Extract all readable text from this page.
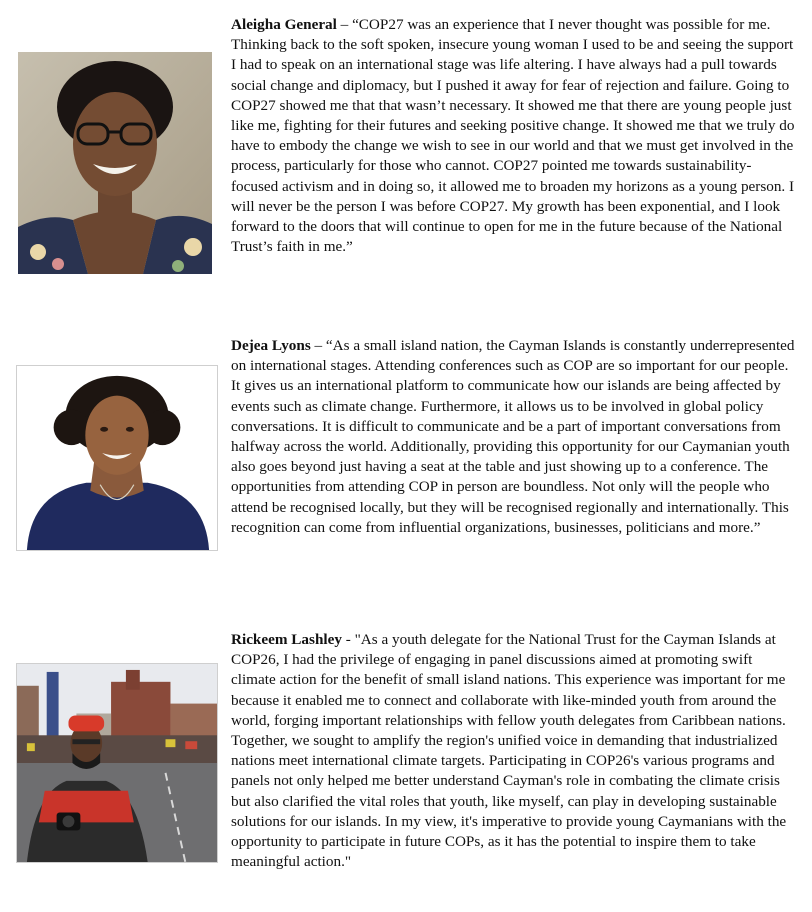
Aleigha General – “COP27 was an experience that I never thought was possible for me. Thinking back to the soft spoken, insecure young woman I used to be and seeing the support I had to speak on an international stage was life altering. I have always had a pull towards social change and diplomacy, but I pushed it away for fear of rejection and failure. Going to COP27 showed me that that wasn’t necessary. It showed me that there are young people just like me, fighting for their futures and seeking positive change. It showed me that we truly do have to embody the change we wish to see in our world and that we must get involved in the process, particularly for those who cannot. COP27 pointed me towards sustainability-focused activism and in doing so, it allowed me to broaden my horizons as a young person. I will never be the person I was before COP27. My growth has been exponential, and I look forward to the doors that will continue to open for me in the future because of the National Trust’s faith in me.”

Dejea Lyons – “As a small island nation, the Cayman Islands is constantly underrepresented on international stages. Attending conferences such as COP are so important for our people. It gives us an international platform to communicate how our islands are being affected by events such as climate change. Furthermore, it allows us to be involved in global policy conversations. It is difficult to communicate and be a part of important conversations from halfway across the world. Additionally, providing this opportunity for our Caymanian youth also goes beyond just having a seat at the table and just showing up to a conference. The opportunities from attending COP in person are boundless. Not only will the people who attend be recognised locally, but they will be recognised regionally and internationally. This recognition can come from influential organizations, businesses, politicians and more.”

Rickeem Lashley - "As a youth delegate for the National Trust for the Cayman Islands at COP26, I had the privilege of engaging in panel discussions aimed at promoting swift climate action for the benefit of small island nations. This experience was important for me because it enabled me to connect and collaborate with like-minded youth from around the world, forging important relationships with fellow youth delegates from Caribbean nations. Together, we sought to amplify the region's unified voice in demanding that industrialized nations meet international climate targets. Participating in COP26's various programs and panels not only helped me better understand Cayman's role in combating the climate crisis but also clarified the vital roles that youth, like myself, can play in developing sustainable solutions for our islands. In my view, it's imperative to provide young Caymanians with the opportunity to participate in future COPs, as it has the potential to inspire them to take meaningful action."
